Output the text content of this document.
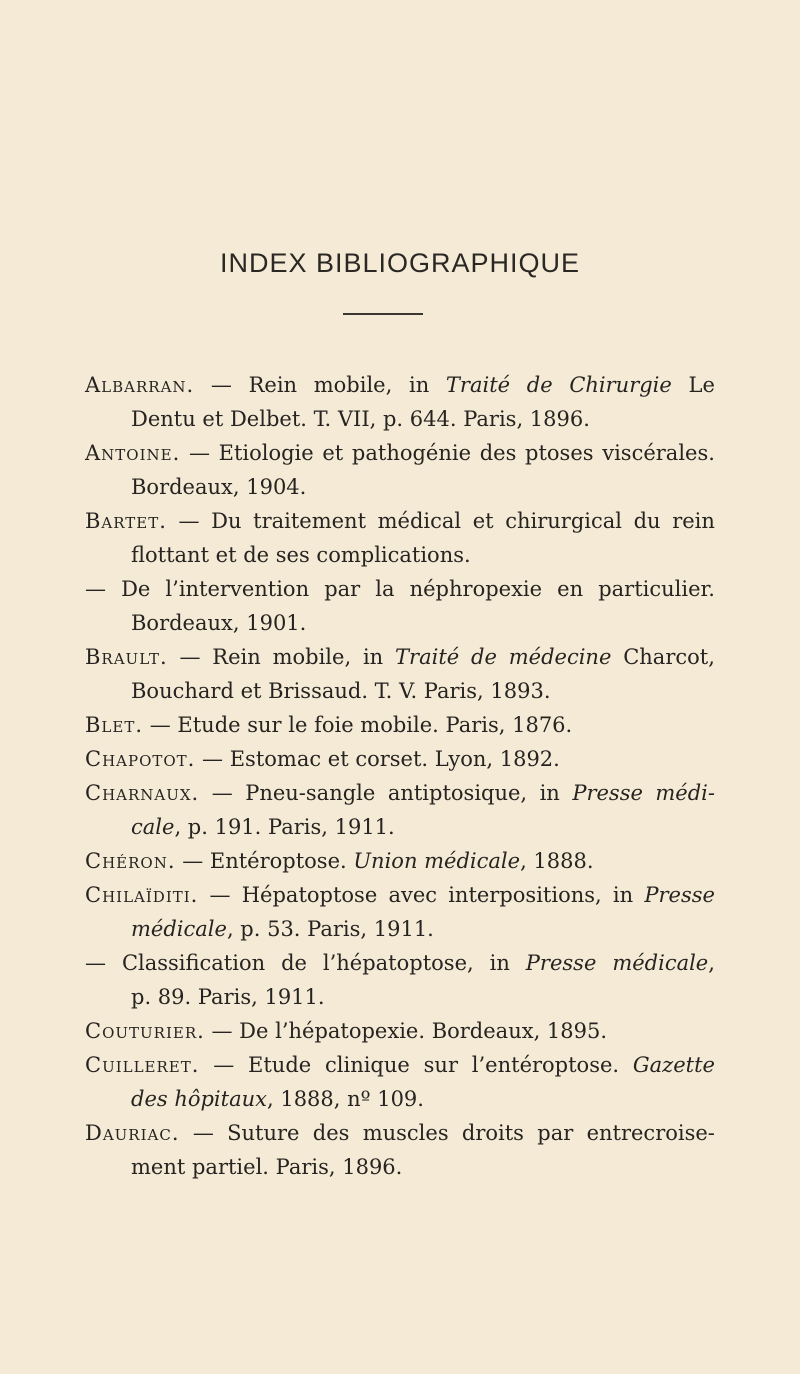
INDEX BIBLIOGRAPHIQUE
Albarran. — Rein mobile, in Traité de Chirurgie Le
Dentu et Delbet. T. VII, p. 644. Paris, 1896.
Antoine. — Etiologie et pathogénie des ptoses viscérales.
Bordeaux, 1904.
Bartet. — Du traitement médical et chirurgical du rein
flottant et de ses complications.
— De l’intervention par la néphropexie en particulier.
Bordeaux, 1901.
Brault. — Rein mobile, in Traité de médecine Charcot,
Bouchard et Brissaud. T. V. Paris, 1893.
Blet. — Etude sur le foie mobile. Paris, 1876.
Chapotot. — Estomac et corset. Lyon, 1892.
Charnaux. — Pneu-sangle antiptosique, in Presse médi-
cale, p. 191. Paris, 1911.
Chéron. — Entéroptose. Union médicale, 1888.
Chilaïditi. — Hépatoptose avec interpositions, in Presse
médicale, p. 53. Paris, 1911.
— Classification de l’hépatoptose, in Presse médicale,
p. 89. Paris, 1911.
Couturier. — De l’hépatopexie. Bordeaux, 1895.
Cuilleret. — Etude clinique sur l’entéroptose. Gazette
des hôpitaux, 1888, nº 109.
Dauriac. — Suture des muscles droits par entrecroise-
ment partiel. Paris, 1896.
